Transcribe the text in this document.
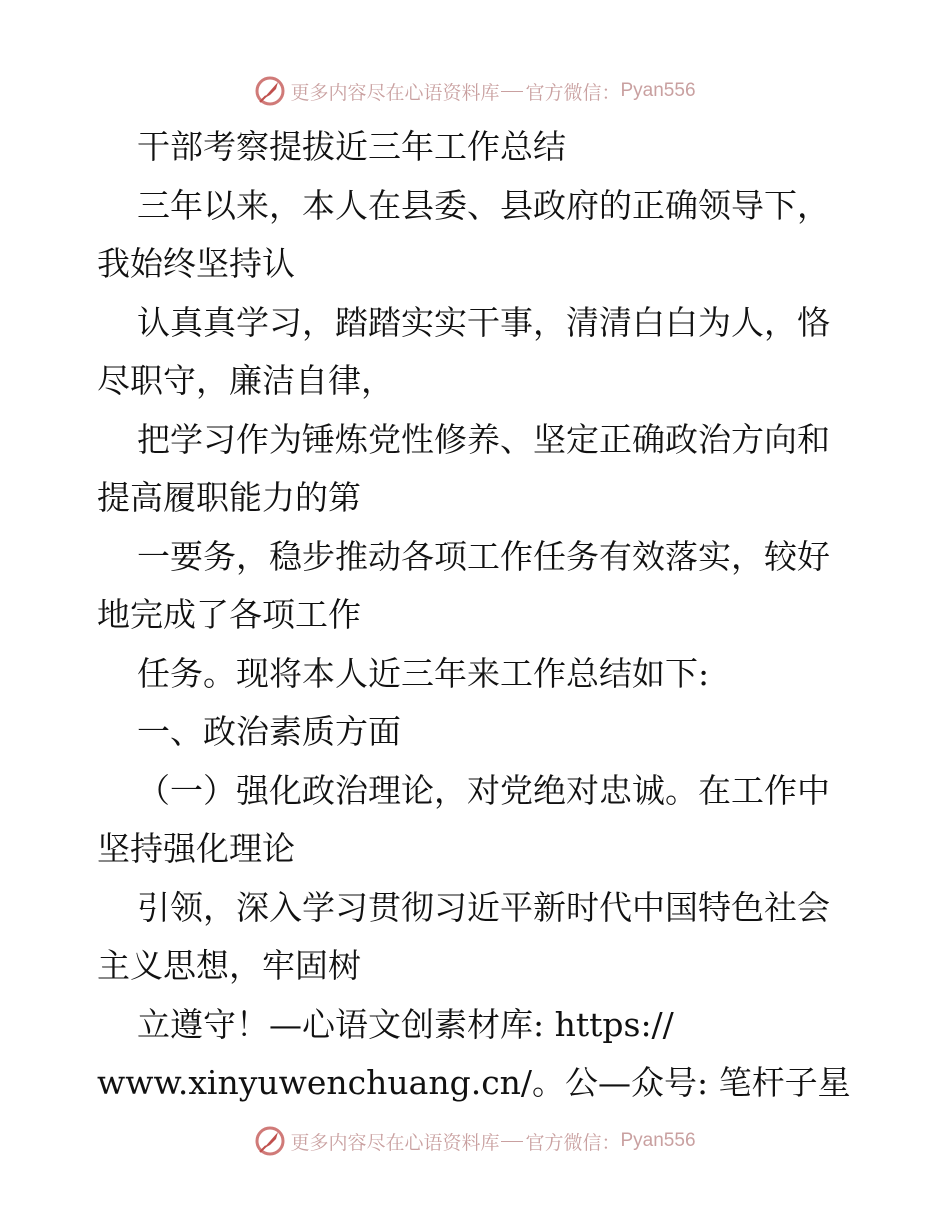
更多内容尽在心语资料库 官方微信： Pyan556

干部考察提拔近三年工作总结

三年以来，本人在县委、县政府的正确领导下，

我始终坚持认

认真真学习，踏踏实实干事，清清白白为人，恪

尽职守，廉洁自律，

把学习作为锤炼党性修养、坚定正确政治方向和

提高履职能力的第

一要务，稳步推动各项工作任务有效落实，较好

地完成了各项工作

任务。现将本人近三年来工作总结如下:

一、政治素质方面

（一）强化政治理论，对党绝对忠诚。在工作中

坚持强化理论

引领，深入学习贯彻习近平新时代中国特色社会

主义思想，牢固树

立遵守！—心语文创素材库: https://

www.xinyuwenchuang.cn/。公—众号: 笔杆子星

更多内容尽在心语资料库 官方微信： Pyan556
